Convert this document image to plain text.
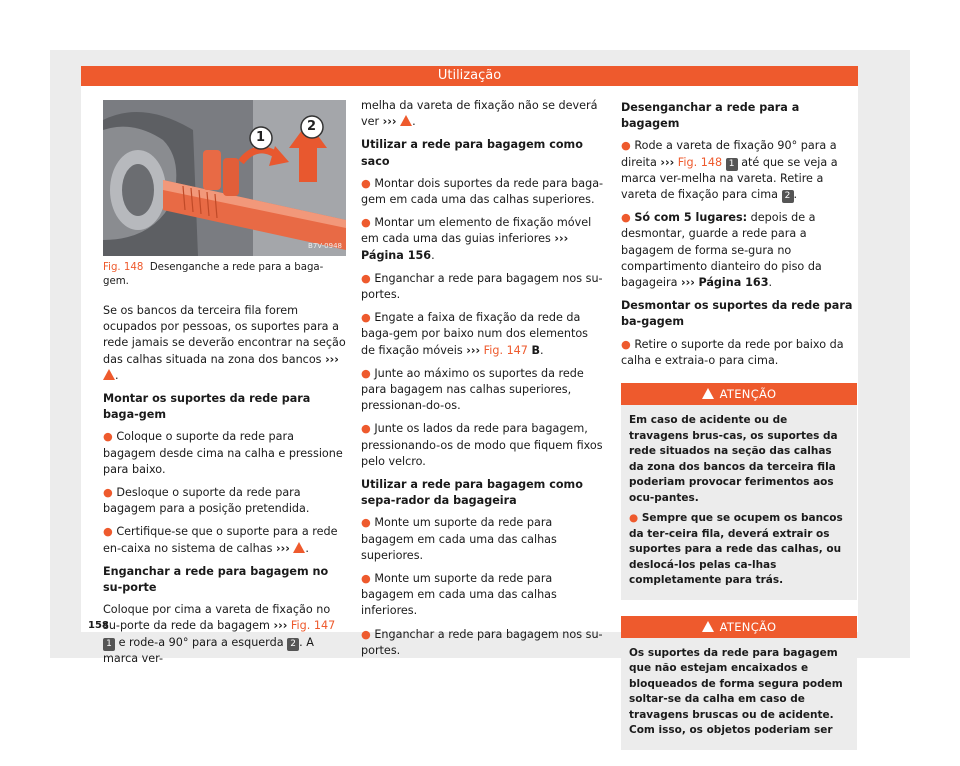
Utilização
1
2
B7V-0948
Fig. 148 Desenganche a rede para a baga-gem.

Se os bancos da terceira fila forem ocupados por pessoas, os suportes para a rede jamais se deverão encontrar na seção das calhas situada na zona dos bancos ››› .

Montar os suportes da rede para baga-gem

● Coloque o suporte da rede para bagagem desde cima na calha e pressione para baixo.

● Desloque o suporte da rede para bagagem para a posição pretendida.

● Certifique-se que o suporte para a rede en-caixa no sistema de calhas ››› .

Enganchar a rede para bagagem no su-porte

Coloque por cima a vareta de fixação no su-porte da rede da bagagem ››› Fig. 147 1 e rode-a 90° para a esquerda 2 . A marca ver-

melha da vareta de fixação não se deverá ver ››› .

Utilizar a rede para bagagem como saco

● Montar dois suportes da rede para baga-gem em cada uma das calhas superiores.

● Montar um elemento de fixação móvel em cada uma das guias inferiores ››› Página 156.

● Enganchar a rede para bagagem nos su-portes.

● Engate a faixa de fixação da rede da baga-gem por baixo num dos elementos de fixação móveis ››› Fig. 147 B.

● Junte ao máximo os suportes da rede para bagagem nas calhas superiores, pressionan-do-os.

● Junte os lados da rede para bagagem, pressionando-os de modo que fiquem fixos pelo velcro.

Utilizar a rede para bagagem como sepa-rador da bagageira

● Monte um suporte da rede para bagagem em cada uma das calhas superiores.

● Monte um suporte da rede para bagagem em cada uma das calhas inferiores.

● Enganchar a rede para bagagem nos su-portes.

Desenganchar a rede para a bagagem

● Rode a vareta de fixação 90° para a direita ››› Fig. 148 1 até que se veja a marca ver-melha na vareta. Retire a vareta de fixação para cima 2 .

● Só com 5 lugares: depois de a desmontar, guarde a rede para a bagagem de forma se-gura no compartimento dianteiro do piso da bagageira ››› Página 163.

Desmontar os suportes da rede para ba-gagem

● Retire o suporte da rede por baixo da calha e extraia-o para cima.

ATENÇÃO

Em caso de acidente ou de travagens brus-cas, os suportes da rede situados na seção das calhas da zona dos bancos da terceira fila poderiam provocar ferimentos aos ocu-pantes.

● Sempre que se ocupem os bancos da ter-ceira fila, deverá extrair os suportes para a rede das calhas, ou deslocá-los pelas ca-lhas completamente para trás.

ATENÇÃO

Os suportes da rede para bagagem que não estejam encaixados e bloqueados de forma segura podem soltar-se da calha em caso de travagens bruscas ou de acidente. Com isso, os objetos poderiam ser

158
